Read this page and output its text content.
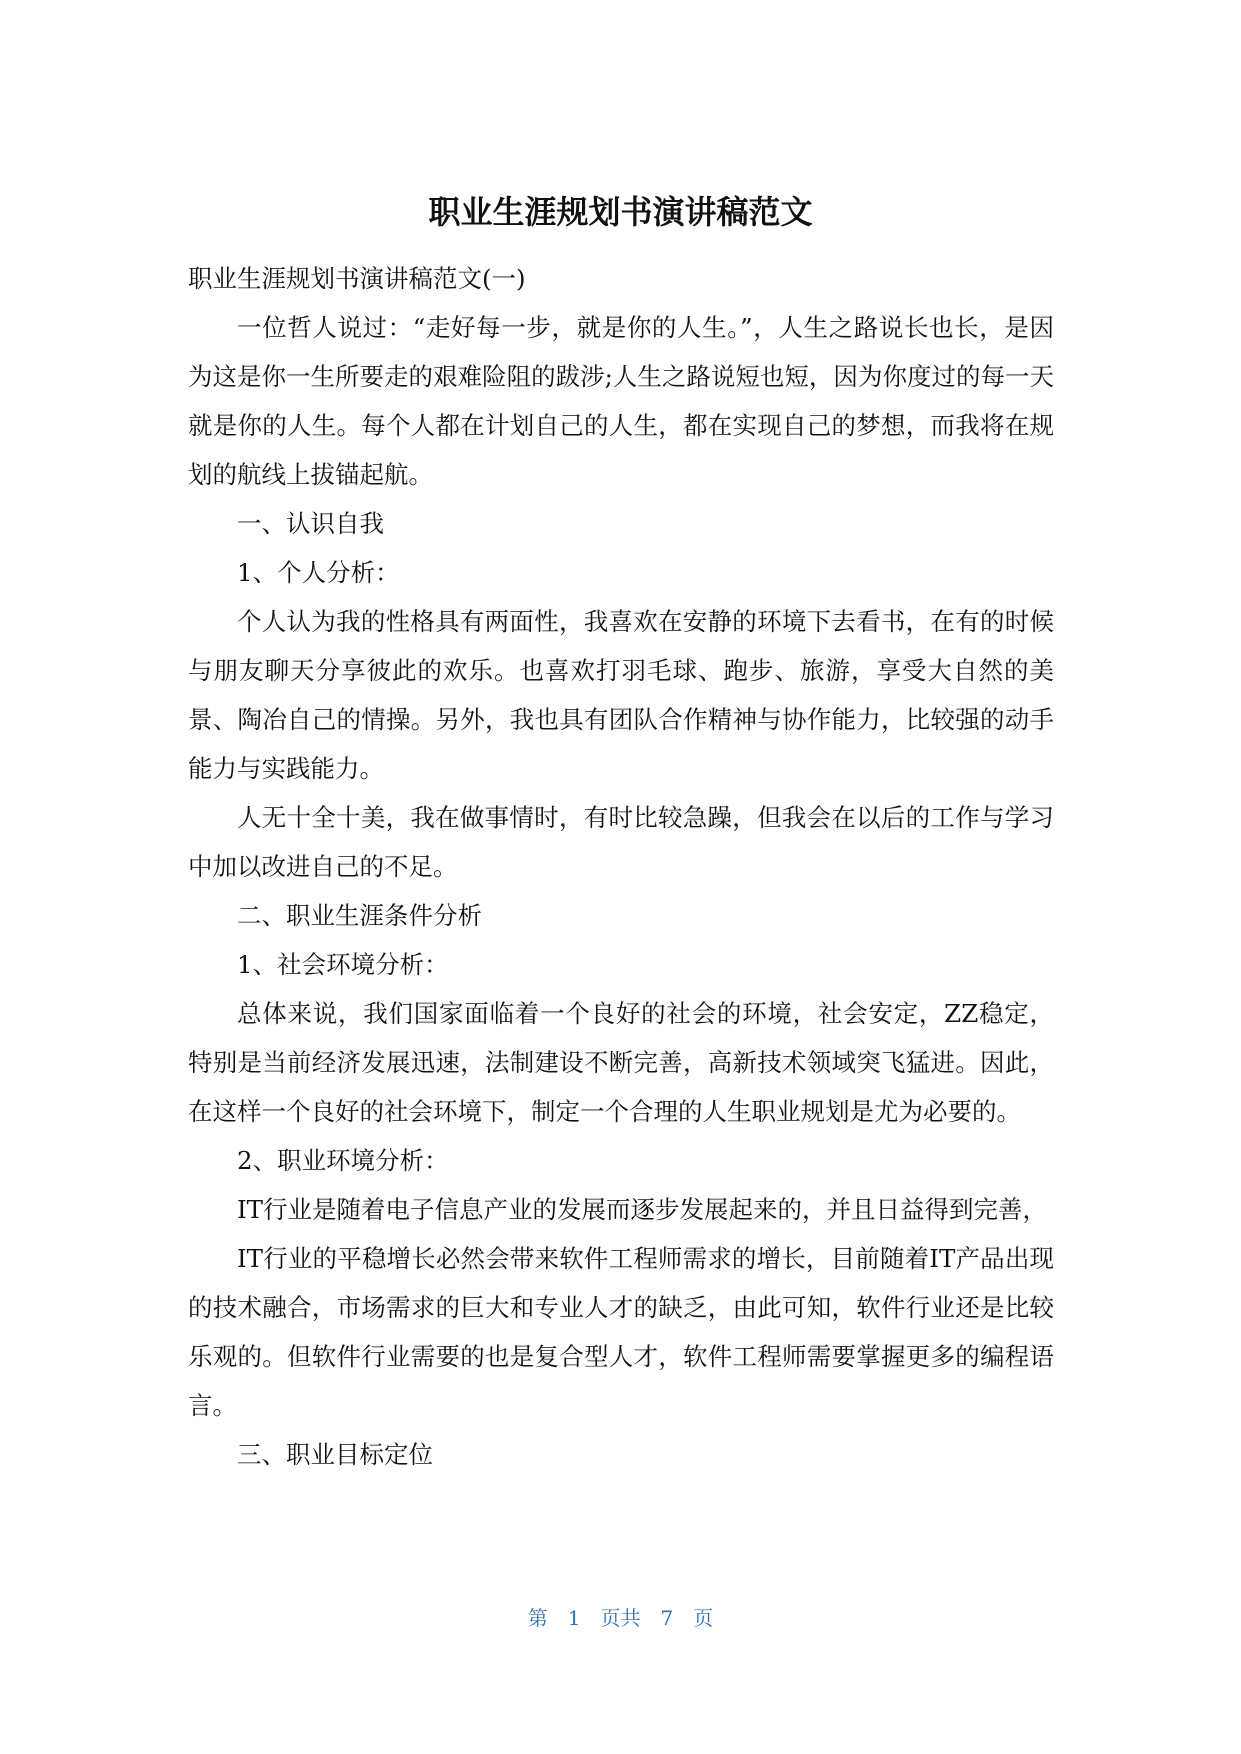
职业生涯规划书演讲稿范文

职业生涯规划书演讲稿范文(一)

一位哲人说过：“走好每一步，就是你的人生。”，人生之路说长也长，是因为这是你一生所要走的艰难险阻的跋涉;人生之路说短也短，因为你度过的每一天就是你的人生。每个人都在计划自己的人生，都在实现自己的梦想，而我将在规划的航线上拔锚起航。

一、认识自我

1、个人分析：

个人认为我的性格具有两面性，我喜欢在安静的环境下去看书，在有的时候与朋友聊天分享彼此的欢乐。也喜欢打羽毛球、跑步、旅游，享受大自然的美景、陶冶自己的情操。另外，我也具有团队合作精神与协作能力，比较强的动手能力与实践能力。

人无十全十美，我在做事情时，有时比较急躁，但我会在以后的工作与学习中加以改进自己的不足。

二、职业生涯条件分析

1、社会环境分析：

总体来说，我们国家面临着一个良好的社会的环境，社会安定，ZZ稳定，特别是当前经济发展迅速，法制建设不断完善，高新技术领域突飞猛进。因此，在这样一个良好的社会环境下，制定一个合理的人生职业规划是尤为必要的。

2、职业环境分析：

IT行业是随着电子信息产业的发展而逐步发展起来的，并且日益得到完善，

IT行业的平稳增长必然会带来软件工程师需求的增长，目前随着IT产品出现的技术融合，市场需求的巨大和专业人才的缺乏，由此可知，软件行业还是比较乐观的。但软件行业需要的也是复合型人才，软件工程师需要掌握更多的编程语言。

三、职业目标定位

第 1 页共 7 页
